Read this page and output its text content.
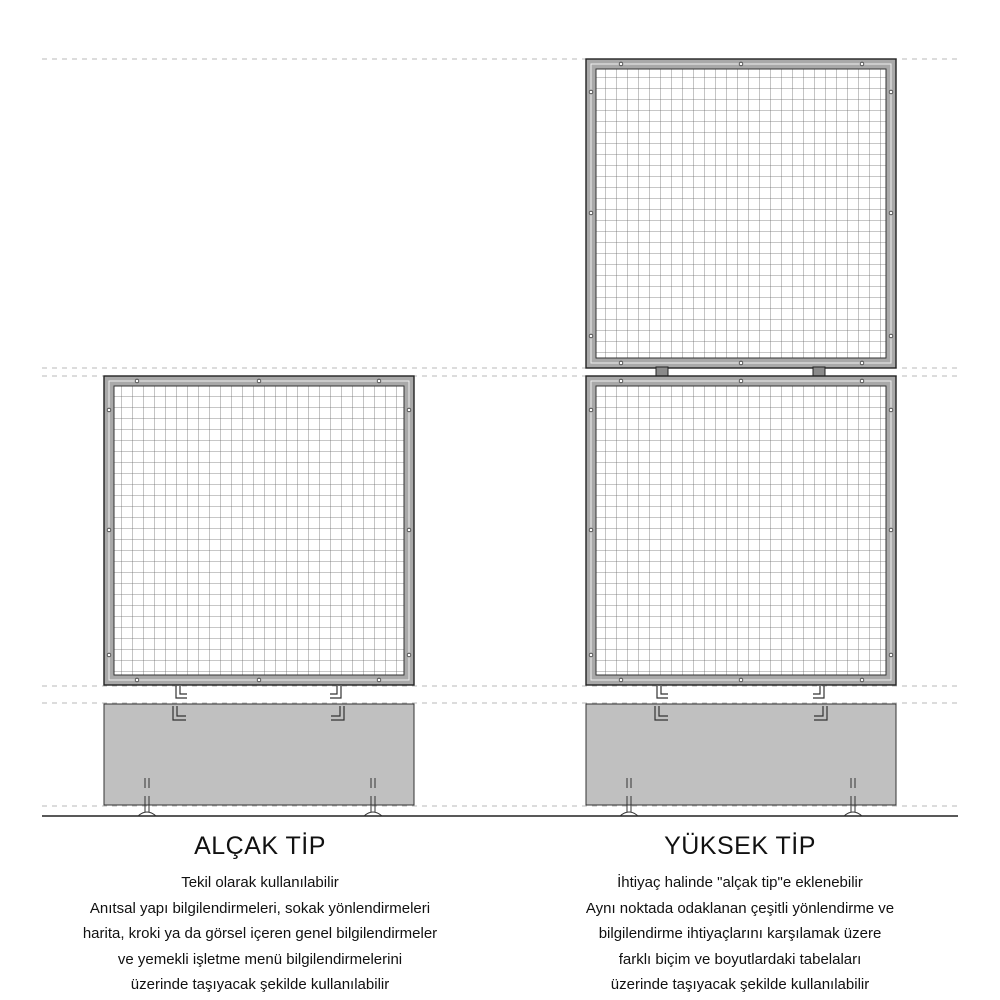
ALÇAK TİP
Tekil olarak kullanılabilir
Anıtsal yapı bilgilendirmeleri, sokak yönlendirmeleri
harita, kroki ya da görsel içeren genel bilgilendirmeler
ve yemekli işletme menü bilgilendirmelerini
üzerinde taşıyacak şekilde kullanılabilir
YÜKSEK TİP
İhtiyaç halinde "alçak tip"e eklenebilir
Aynı noktada odaklanan çeşitli yönlendirme ve
bilgilendirme ihtiyaçlarını karşılamak üzere
farklı biçim ve boyutlardaki tabelaları
üzerinde taşıyacak şekilde kullanılabilir
